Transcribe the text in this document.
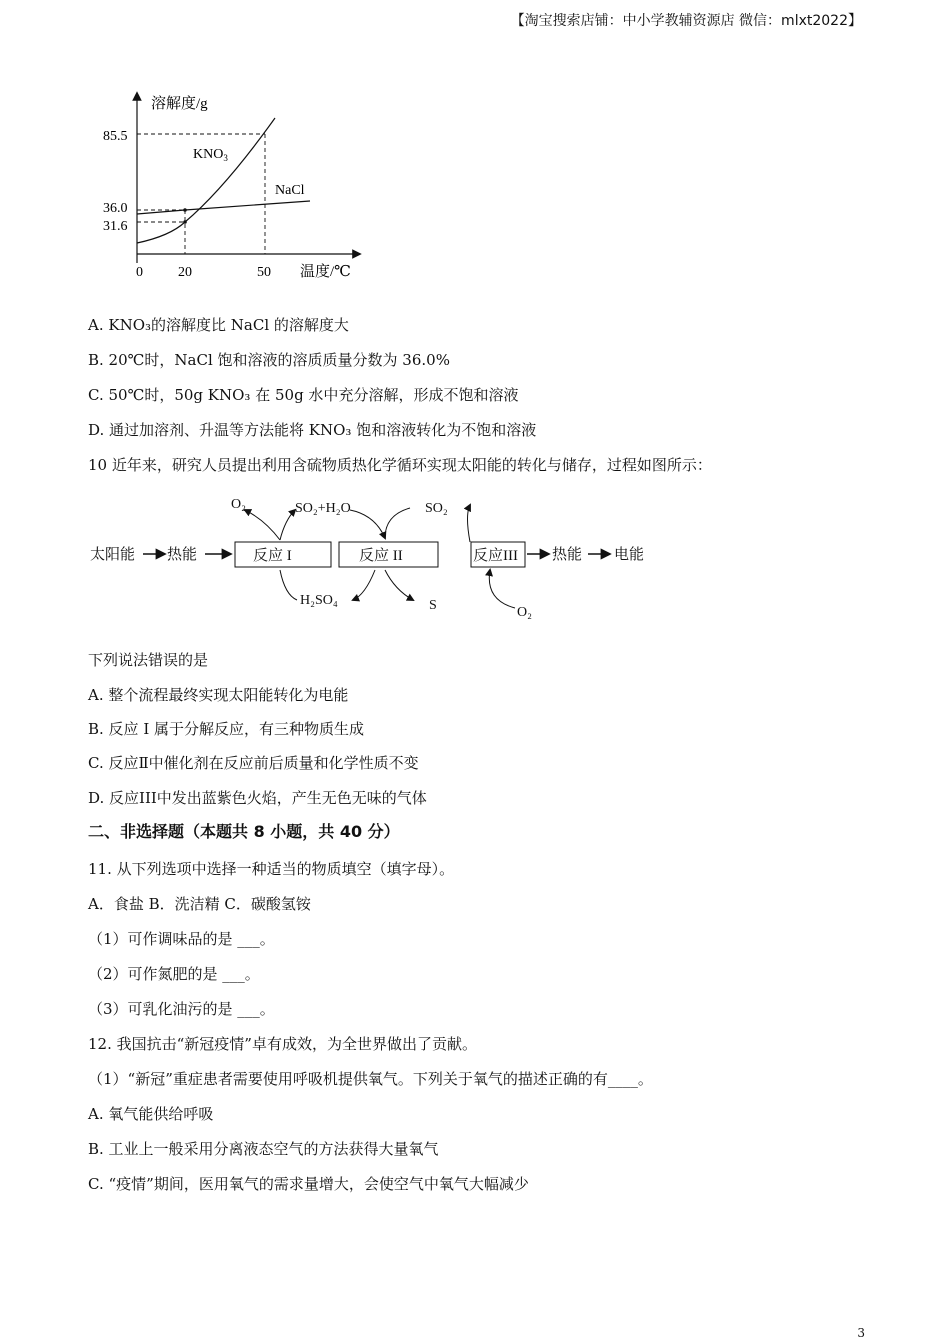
【淘宝搜索店铺：中小学教辅资源店 微信：mlxt2022】
溶解度/g
温度/℃
85.5
36.0
31.6
0	20	50
$KNO_3$
NaCl
A. KNO₃的溶解度比 NaCl 的溶解度大
B. 20℃时，NaCl 饱和溶液的溶质质量分数为 36.0%
C. 50℃时，50g KNO₃ 在 50g 水中充分溶解，形成不饱和溶液
D. 通过加溶剂、升温等方法能将 KNO₃ 饱和溶液转化为不饱和溶液
10 近年来，研究人员提出利用含硫物质热化学循环实现太阳能的转化与储存，过程如图所示：
太阳能 热能	反应 I	反应 II	反应III 热能 电能
O₂	SO₂+H₂O	SO₂
H₂SO₄	S	O₂
下列说法错误的是
A. 整个流程最终实现太阳能转化为电能
B. 反应 I 属于分解反应，有三种物质生成
C. 反应Ⅱ中催化剂在反应前后质量和化学性质不变
D. 反应III中发出蓝紫色火焰，产生无色无味的气体
二、非选择题（本题共 8 小题，共 40 分）
11. 从下列选项中选择一种适当的物质填空（填字母）。
A．食盐 B．洗洁精 C．碳酸氢铵
（1）可作调味品的是 ___。
（2）可作氮肥的是 ___。
（3）可乳化油污的是 ___。
12. 我国抗击“新冠疫情”卓有成效，为全世界做出了贡献。
（1）“新冠”重症患者需要使用呼吸机提供氧气。下列关于氧气的描述正确的有____。
A. 氧气能供给呼吸
B. 工业上一般采用分离液态空气的方法获得大量氧气
C. “疫情”期间，医用氧气的需求量增大，会使空气中氧气大幅减少
3
